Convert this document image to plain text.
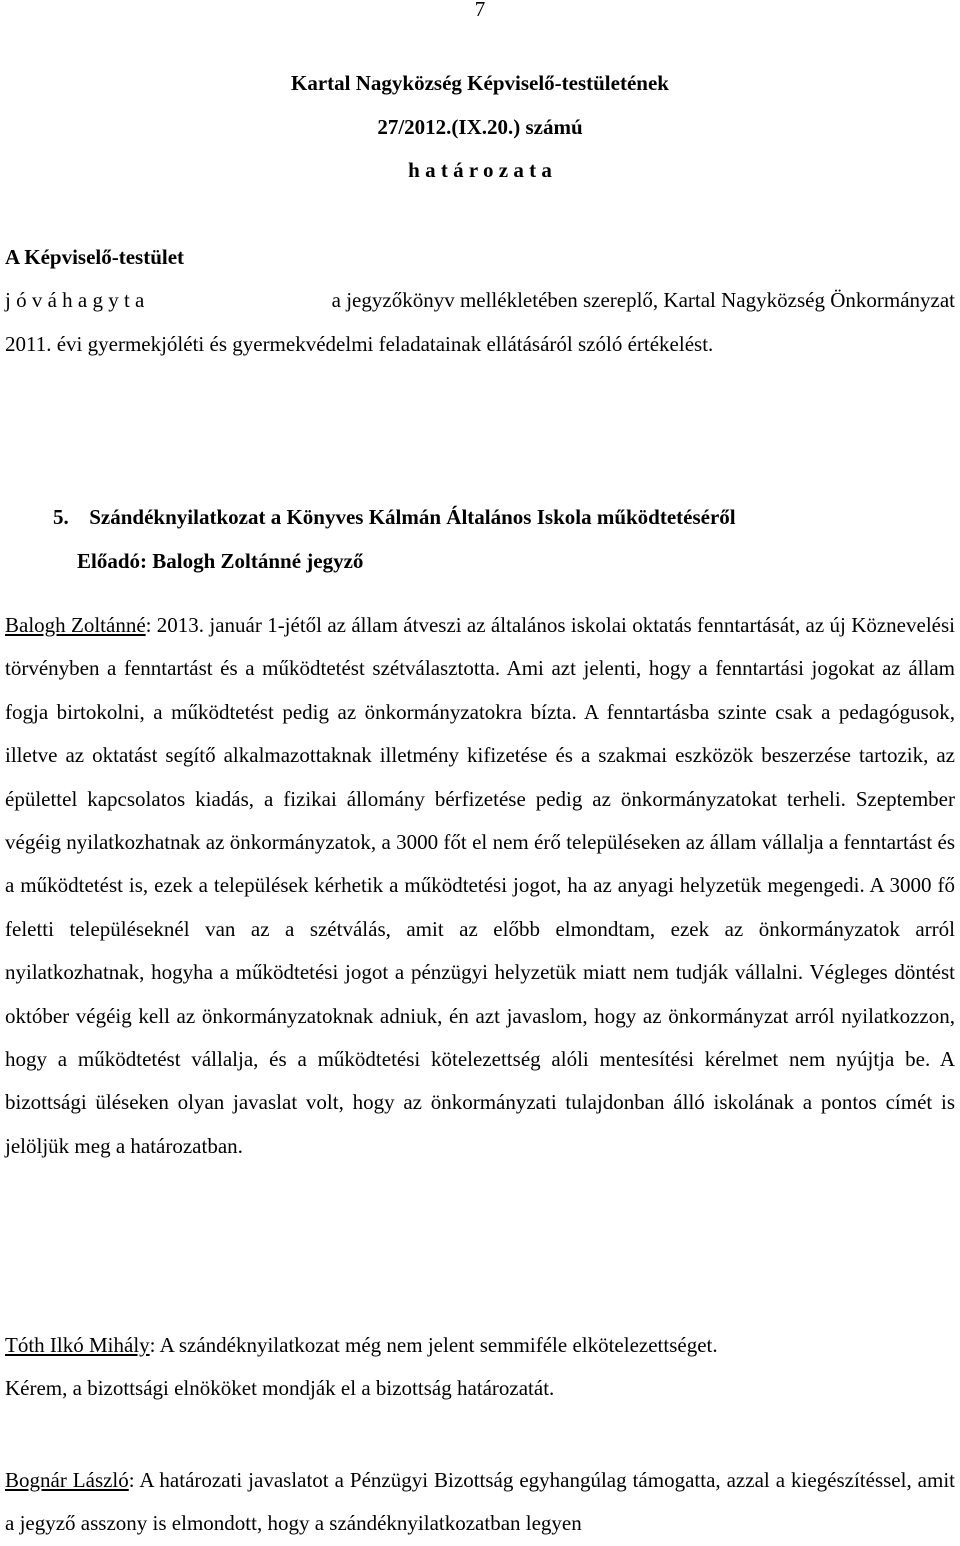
7
Kartal Nagyközség Képviselő-testületének
27/2012.(IX.20.) számú
h a t á r o z a t a
A Képviselő-testület
j ó v á h a g y t a	a jegyzőkönyv mellékletében szereplő, Kartal Nagyközség Önkormányzat
2011. évi gyermekjóléti és gyermekvédelmi feladatainak ellátásáról szóló értékelést.
5. Szándéknyilatkozat a Könyves Kálmán Általános Iskola működtetéséről
Előadó: Balogh Zoltánné jegyző
Balogh Zoltánné: 2013. január 1-jétől az állam átveszi az általános iskolai oktatás fenntartását, az új Köznevelési törvényben a fenntartást és a működtetést szétválasztotta. Ami azt jelenti, hogy a fenntartási jogokat az állam fogja birtokolni, a működtetést pedig az önkormányzatokra bízta. A fenntartásba szinte csak a pedagógusok, illetve az oktatást segítő alkalmazottaknak illetmény kifizetése és a szakmai eszközök beszerzése tartozik, az épülettel kapcsolatos kiadás, a fizikai állomány bérfizetése pedig az önkormányzatokat terheli. Szeptember végéig nyilatkozhatnak az önkormányzatok, a 3000 főt el nem érő településeken az állam vállalja a fenntartást és a működtetést is, ezek a települések kérhetik a működtetési jogot, ha az anyagi helyzetük megengedi. A 3000 fő feletti településeknél van az a szétválás, amit az előbb elmondtam, ezek az önkormányzatok arról nyilatkozhatnak, hogyha a működtetési jogot a pénzügyi helyzetük miatt nem tudják vállalni. Végleges döntést október végéig kell az önkormányzatoknak adniuk, én azt javaslom, hogy az önkormányzat arról nyilatkozzon, hogy a működtetést vállalja, és a működtetési kötelezettség alóli mentesítési kérelmet nem nyújtja be. A bizottsági üléseken olyan javaslat volt, hogy az önkormányzati tulajdonban álló iskolának a pontos címét is jelöljük meg a határozatban.
Tóth Ilkó Mihály: A szándéknyilatkozat még nem jelent semmiféle elkötelezettséget.
Kérem, a bizottsági elnököket mondják el a bizottság határozatát.
Bognár László: A határozati javaslatot a Pénzügyi Bizottság egyhangúlag támogatta, azzal a kiegészítéssel, amit a jegyző asszony is elmondott, hogy a szándéknyilatkozatban legyen
